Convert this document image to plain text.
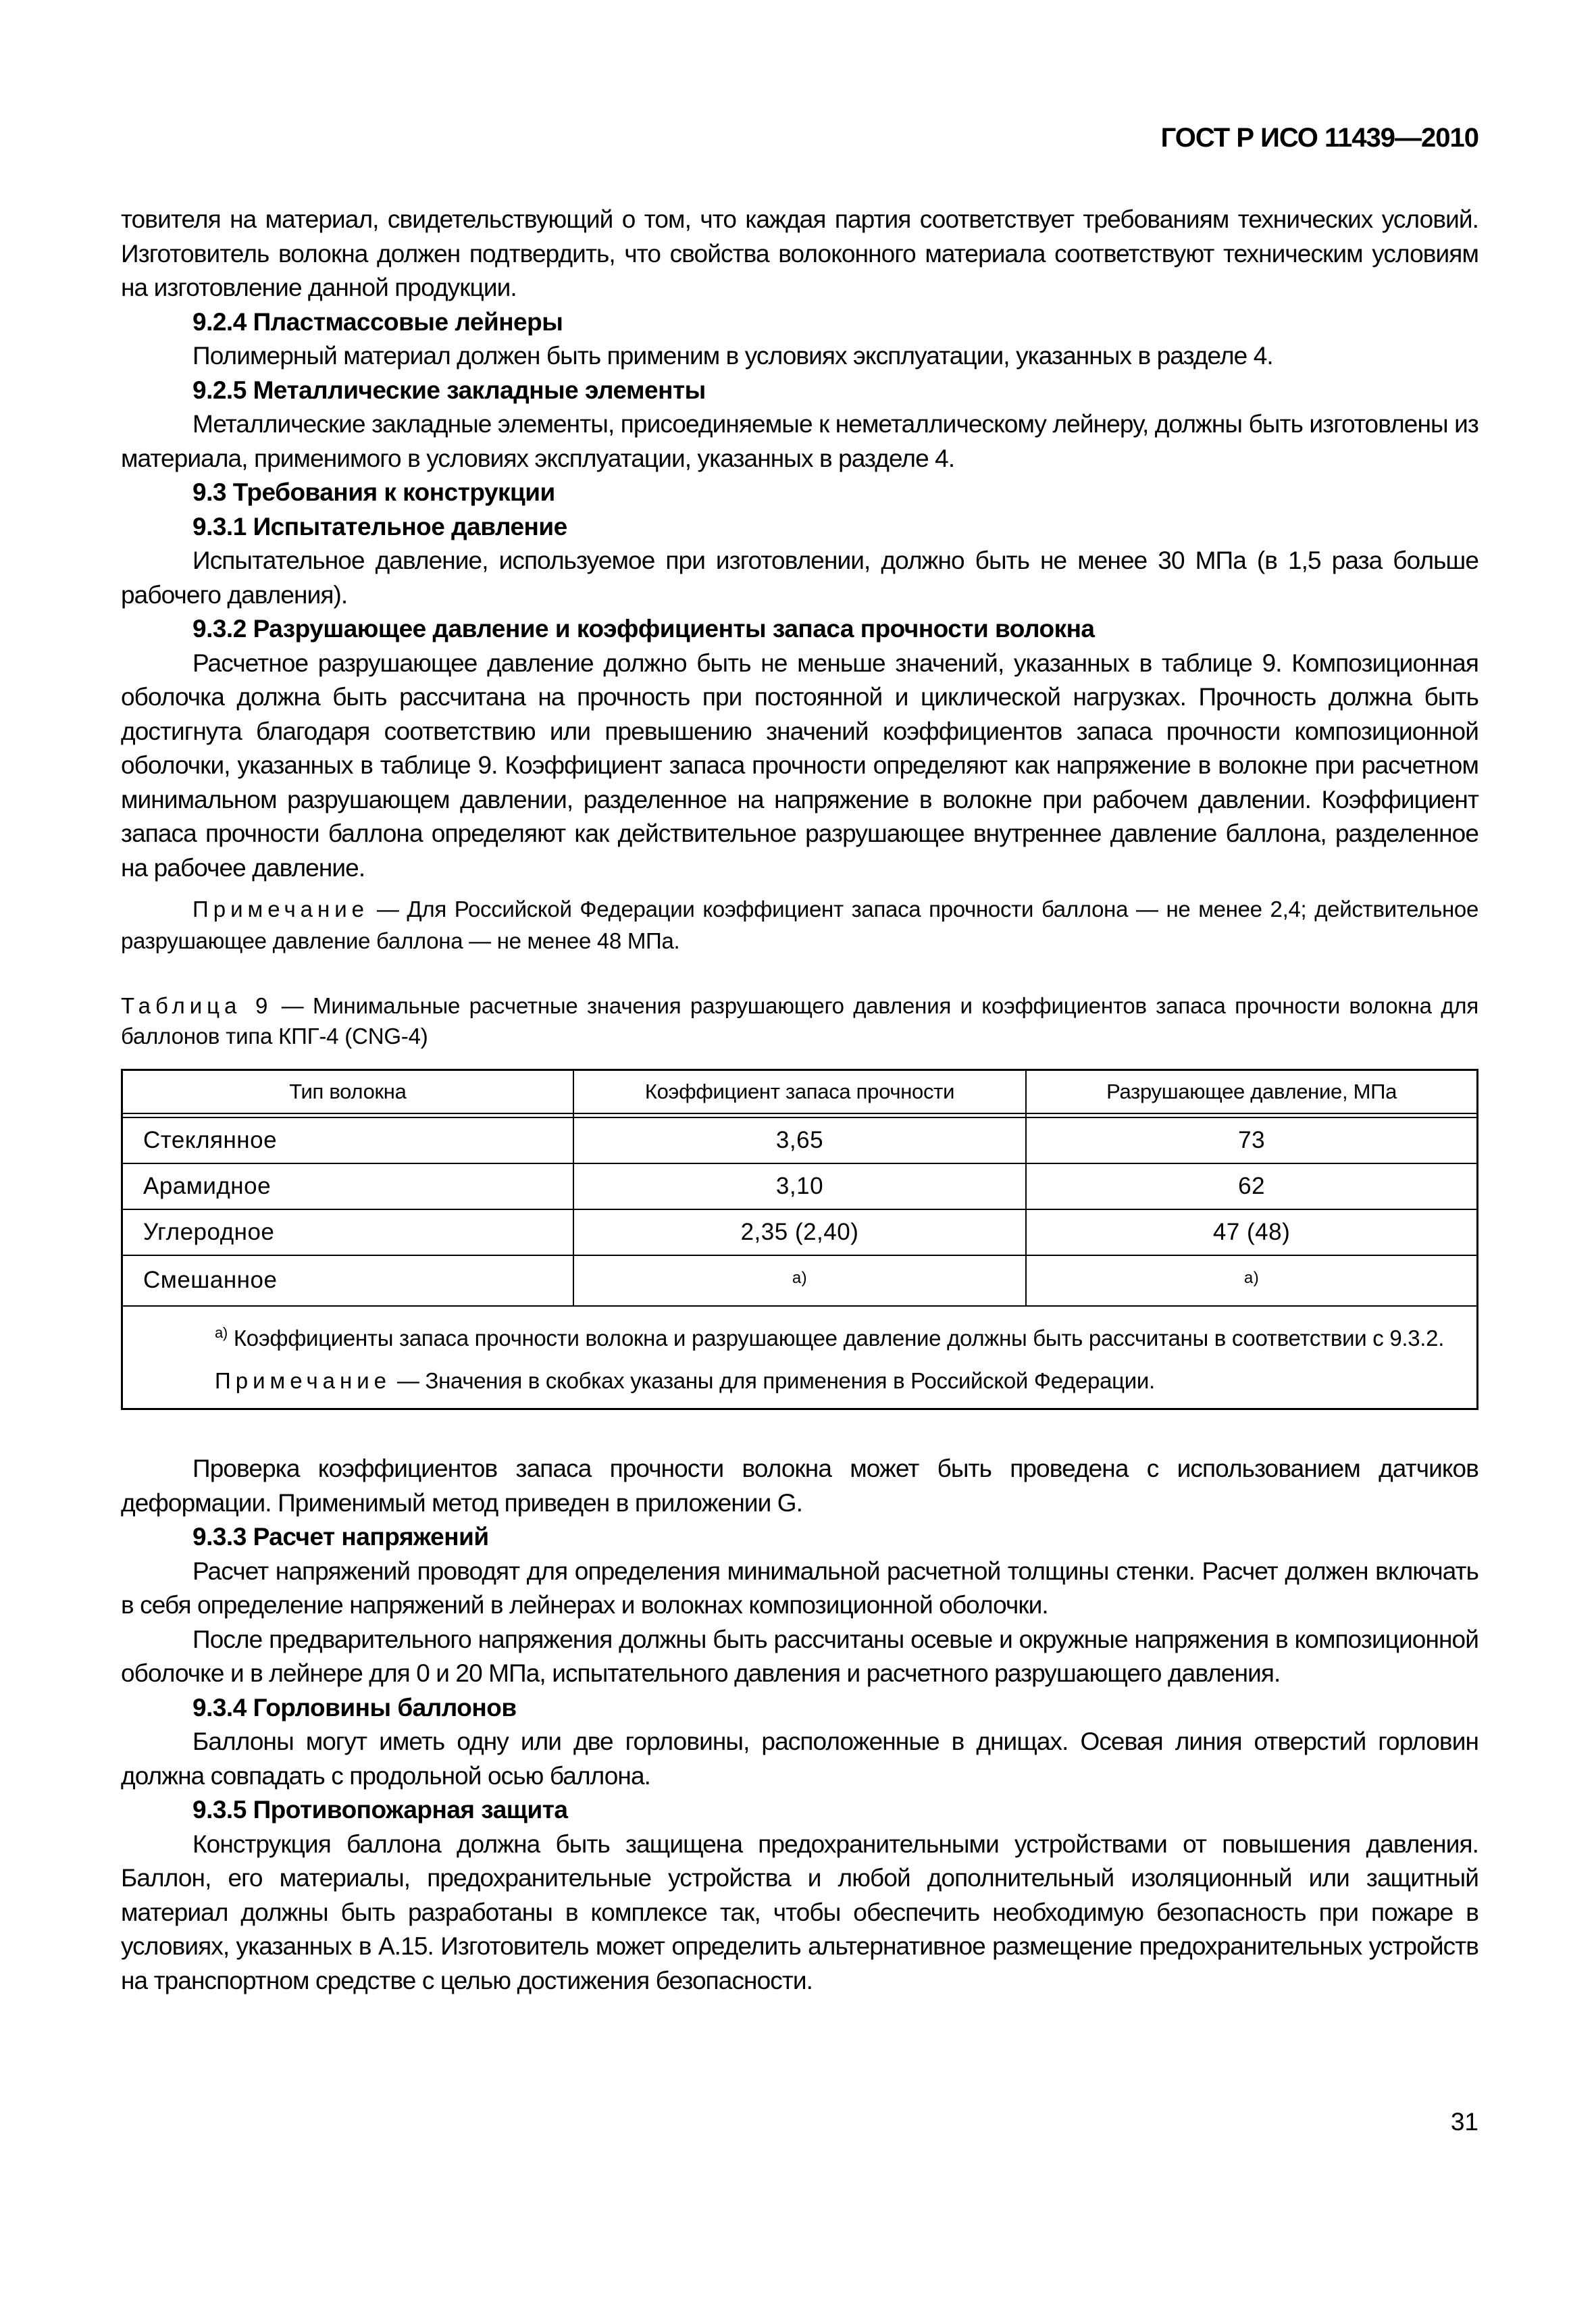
ГОСТ Р ИСО 11439—2010

товителя на материал, свидетельствующий о том, что каждая партия соответствует требованиям технических условий. Изготовитель волокна должен подтвердить, что свойства волоконного материала соответствуют техническим условиям на изготовление данной продукции.

9.2.4 Пластмассовые лейнеры

Полимерный материал должен быть применим в условиях эксплуатации, указанных в разделе 4.

9.2.5 Металлические закладные элементы

Металлические закладные элементы, присоединяемые к неметаллическому лейнеру, должны быть изготовлены из материала, применимого в условиях эксплуатации, указанных в разделе 4.

9.3 Требования к конструкции
9.3.1 Испытательное давление

Испытательное давление, используемое при изготовлении, должно быть не менее 30 МПа (в 1,5 раза больше рабочего давления).

9.3.2 Разрушающее давление и коэффициенты запаса прочности волокна

Расчетное разрушающее давление должно быть не меньше значений, указанных в таблице 9. Композиционная оболочка должна быть рассчитана на прочность при постоянной и циклической нагрузках. Прочность должна быть достигнута благодаря соответствию или превышению значений коэффициентов запаса прочности композиционной оболочки, указанных в таблице 9. Коэффициент запаса прочности определяют как напряжение в волокне при расчетном минимальном разрушающем давлении, разделенное на напряжение в волокне при рабочем давлении. Коэффициент запаса прочности баллона определяют как действительное разрушающее внутреннее давление баллона, разделенное на рабочее давление.

Примечание — Для Российской Федерации коэффициент запаса прочности баллона — не менее 2,4; действительное разрушающее давление баллона — не менее 48 МПа.

Таблица 9 — Минимальные расчетные значения разрушающего давления и коэффициентов запаса прочности волокна для баллонов типа КПГ-4 (CNG-4)

Тип волокна	Коэффициент запаса прочности	Разрушающее давление, МПа

Стеклянное	3,65	73
Арамидное	3,10	62
Углеродное	2,35 (2,40)	47 (48)
Смешанное	а)	а)

$^{а)}$ Коэффициенты запаса прочности волокна и разрушающее давление должны быть рассчитаны в соответствии с 9.3.2.

Примечание — Значения в скобках указаны для применения в Российской Федерации.		

Проверка коэффициентов запаса прочности волокна может быть проведена с использованием датчиков деформации. Применимый метод приведен в приложении G.

9.3.3 Расчет напряжений

Расчет напряжений проводят для определения минимальной расчетной толщины стенки. Расчет должен включать в себя определение напряжений в лейнерах и волокнах композиционной оболочки.

После предварительного напряжения должны быть рассчитаны осевые и окружные напряжения в композиционной оболочке и в лейнере для 0 и 20 МПа, испытательного давления и расчетного разрушающего давления.

9.3.4 Горловины баллонов

Баллоны могут иметь одну или две горловины, расположенные в днищах. Осевая линия отверстий горловин должна совпадать с продольной осью баллона.

9.3.5 Противопожарная защита

Конструкция баллона должна быть защищена предохранительными устройствами от повышения давления. Баллон, его материалы, предохранительные устройства и любой дополнительный изоляционный или защитный материал должны быть разработаны в комплексе так, чтобы обеспечить необходимую безопасность при пожаре в условиях, указанных в А.15. Изготовитель может определить альтернативное размещение предохранительных устройств на транспортном средстве с целью достижения безопасности.

31
